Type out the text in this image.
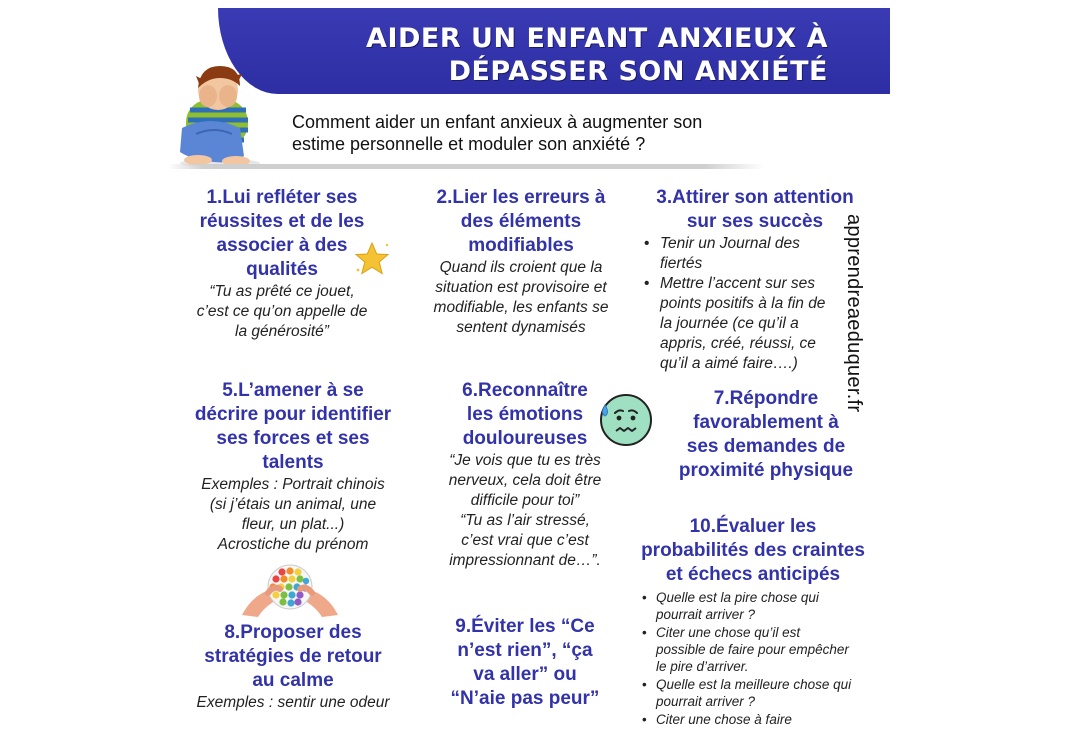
AIDER UN ENFANT ANXIEUX À
DÉPASSER SON ANXIÉTÉ

Comment aider un enfant anxieux à augmenter son
estime personnelle et moduler son anxiété ?

1.Lui refléter ses
réussites et de les
associer à des
qualités

“Tu as prêté ce jouet,
c’est ce qu’on appelle de
la générosité”

2.Lier les erreurs à
des éléments
modifiables

Quand ils croient que la
situation est provisoire et
modifiable, les enfants se
sentent dynamisés

3.Attirer son attention
sur ses succès
• Tenir un Journal des
fiertés
• Mettre l’accent sur ses
points positifs à la fin de
la journée (ce qu’il a
appris, créé, réussi, ce
qu’il a aimé faire….)	apprendreaeduquer.fr
5.L’amener à se
décrire pour identifier
ses forces et ses
talents

Exemples : Portrait chinois
(si j’étais un animal, une
fleur, un plat...)
Acrostiche du prénom

6.Reconnaître
les émotions
douloureuses

“Je vois que tu es très
nerveux, cela doit être
difficile pour toi”
“Tu as l’air stressé,
c’est vrai que c’est
impressionnant de…”.

7.Répondre
favorablement à
ses demandes de
proximité physique
8.Proposer des
stratégies de retour
au calme

Exemples : sentir une odeur

9.Éviter les “Ce
n’est rien”, “ça
va aller” ou
“N’aie pas peur”
10.Évaluer les
probabilités des craintes
et échecs anticipés
• Quelle est la pire chose qui
pourrait arriver ?
• Citer une chose qu’il est
possible de faire pour empêcher
le pire d’arriver.
• Quelle est la meilleure chose qui
pourrait arriver ?
• Citer une chose à faire
